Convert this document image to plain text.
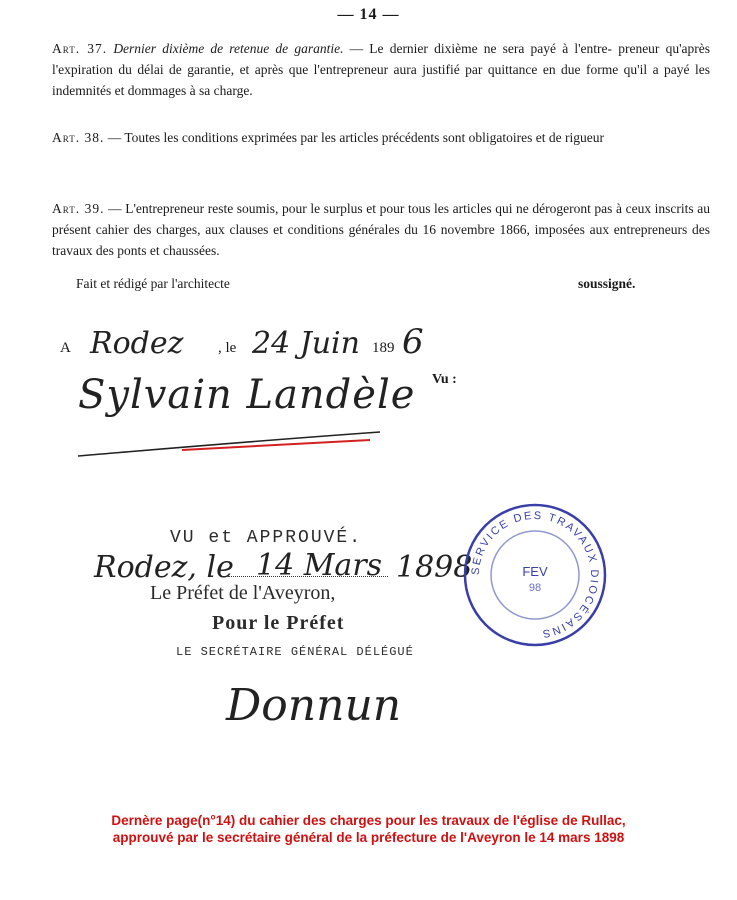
— 14 —
Art. 37. Dernier dixième de retenue de garantie. — Le dernier dixième ne sera payé à l'entre- preneur qu'après l'expiration du délai de garantie, et après que l'entrepreneur aura justifié par quittance en due forme qu'il a payé les indemnités et dommages à sa charge.
Art. 38. — Toutes les conditions exprimées par les articles précédents sont obligatoires et de rigueur
Art. 39. — L'entrepreneur reste soumis, pour le surplus et pour tous les articles qui ne dérogeront pas à ceux inscrits au présent cahier des charges, aux clauses et conditions générales du 16 novembre 1866, imposées aux entrepreneurs des travaux des ponts et chaussées.
Fait et rédigé par l'architecte	soussigné.
A Rodez , le 24 Juin 189 6
Sylvain Landèle Vu :
VU et APPROUVÉ.
Rodez, le 14 Mars 1898
Le Préfet de l'Aveyron,
Pour le Préfet
LE SECRÉTAIRE GÉNÉRAL DÉLÉGUÉ
Donnun
SERVICE DES TRAVAUX DIOCÉSAINS
FEV
98
Dernère page(n°14) du cahier des charges pour les travaux de l'église de Rullac,
approuvé par le secrétaire général de la préfecture de l'Aveyron le 14 mars 1898
